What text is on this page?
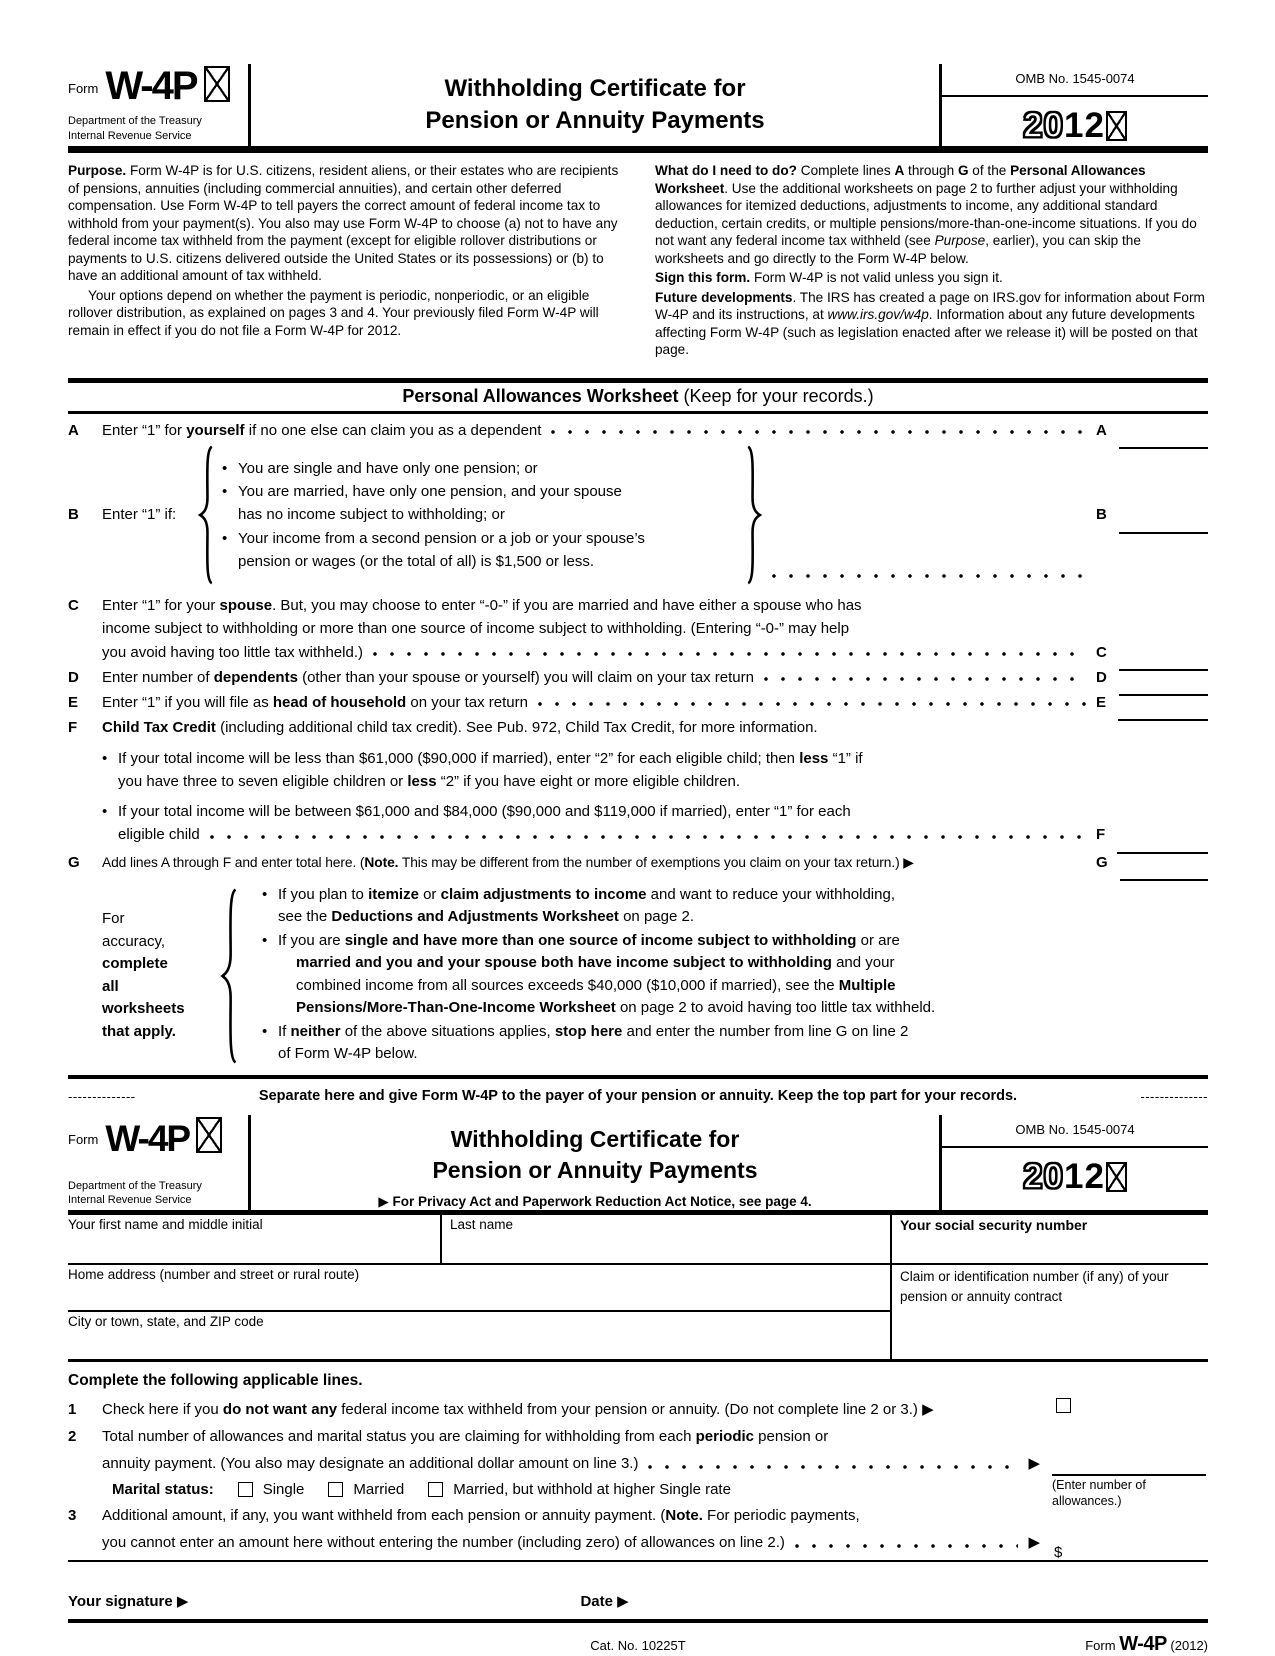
Form W-4P
Department of the Treasury
Internal Revenue Service
Withholding Certificate for
Pension or Annuity Payments
OMB No. 1545-0074
20 12

Purpose. Form W-4P is for U.S. citizens, resident aliens, or their estates who are recipients of pensions, annuities (including commercial annuities), and certain other deferred compensation. Use Form W-4P to tell payers the correct amount of federal income tax to withhold from your payment(s). You also may use Form W-4P to choose (a) not to have any federal income tax withheld from the payment (except for eligible rollover distributions or payments to U.S. citizens delivered outside the United States or its possessions) or (b) to have an additional amount of tax withheld.

Your options depend on whether the payment is periodic, nonperiodic, or an eligible rollover distribution, as explained on pages 3 and 4. Your previously filed Form W-4P will remain in effect if you do not file a Form W-4P for 2012.

What do I need to do? Complete lines A through G of the Personal Allowances Worksheet. Use the additional worksheets on page 2 to further adjust your withholding allowances for itemized deductions, adjustments to income, any additional standard deduction, certain credits, or multiple pensions/more-than-one-income situations. If you do not want any federal income tax withheld (see Purpose, earlier), you can skip the worksheets and go directly to the Form W-4P below.

Sign this form. Form W-4P is not valid unless you sign it.

Future developments. The IRS has created a page on IRS.gov for information about Form W-4P and its instructions, at www.irs.gov/w4p. Information about any future developments affecting Form W-4P (such as legislation enacted after we release it) will be posted on that page.

Personal Allowances Worksheet (Keep for your records.)
A	Enter “1” for yourself if no one else can claim you as a dependent	A
B	Enter “1” if:
• You are single and have only one pension; or
• You are married, have only one pension, and your spouse
has no income subject to withholding; or
• Your income from a second pension or a job or your spouse’s
pension or wages (or the total of all) is $1,500 or less.
B
C	Enter “1” for your spouse. But, you may choose to enter “-0-” if you are married and have either a spouse who has
income subject to withholding or more than one source of income subject to withholding. (Entering “-0-” may help
you avoid having too little tax withheld.)	C
D	Enter number of dependents (other than your spouse or yourself) you will claim on your tax return	D
E	Enter “1” if you will file as head of household on your tax return	E
F	Child Tax Credit (including additional child tax credit). See Pub. 972, Child Tax Credit, for more information.
• If your total income will be less than $61,000 ($90,000 if married), enter “2” for each eligible child; then less “1” if
you have three to seven eligible children or less “2” if you have eight or more eligible children.
• If your total income will be between $61,000 and $84,000 ($90,000 and $119,000 if married), enter “1” for each
eligible child	F
G	Add lines A through F and enter total here. (Note. This may be different from the number of exemptions you claim on your tax return.) ▶	G
For
accuracy,
complete
all
worksheets
that apply.
• If you plan to itemize or claim adjustments to income and want to reduce your withholding,
see the Deductions and Adjustments Worksheet on page 2.
• If you are single and have more than one source of income subject to withholding or are
married and you and your spouse both have income subject to withholding and your
combined income from all sources exceeds $40,000 ($10,000 if married), see the Multiple
Pensions/More-Than-One-Income Worksheet on page 2 to avoid having too little tax withheld.
• If neither of the above situations applies, stop here and enter the number from line G on line 2
of Form W-4P below.
--------------	Separate here and give Form W-4P to the payer of your pension or annuity. Keep the top part for your records.	--------------
Form W-4P
Department of the Treasury
Internal Revenue Service
Withholding Certificate for
Pension or Annuity Payments
▶ For Privacy Act and Paperwork Reduction Act Notice, see page 4.
OMB No. 1545-0074
20 12
Your first name and middle initial	Last name	Your social security number
Home address (number and street or rural route)	Claim or identification number (if any) of your pension or annuity contract
City or town, state, and ZIP code
Complete the following applicable lines.
1	Check here if you do not want any federal income tax withheld from your pension or annuity. (Do not complete line 2 or 3.) ▶
2	Total number of allowances and marital status you are claiming for withholding from each periodic pension or
annuity payment. (You also may designate an additional dollar amount on line 3.)	▶
Marital status:	Single	Married	Married, but withhold at higher Single rate
3	Additional amount, if any, you want withheld from each pension or annuity payment. (Note. For periodic payments,
you cannot enter an amount here without entering the number (including zero) of allowances on line 2.)	▶
(Enter number of allowances.)
$
Your signature
▶	Date
▶
Cat. No. 10225T	Form W-4P (2012)
